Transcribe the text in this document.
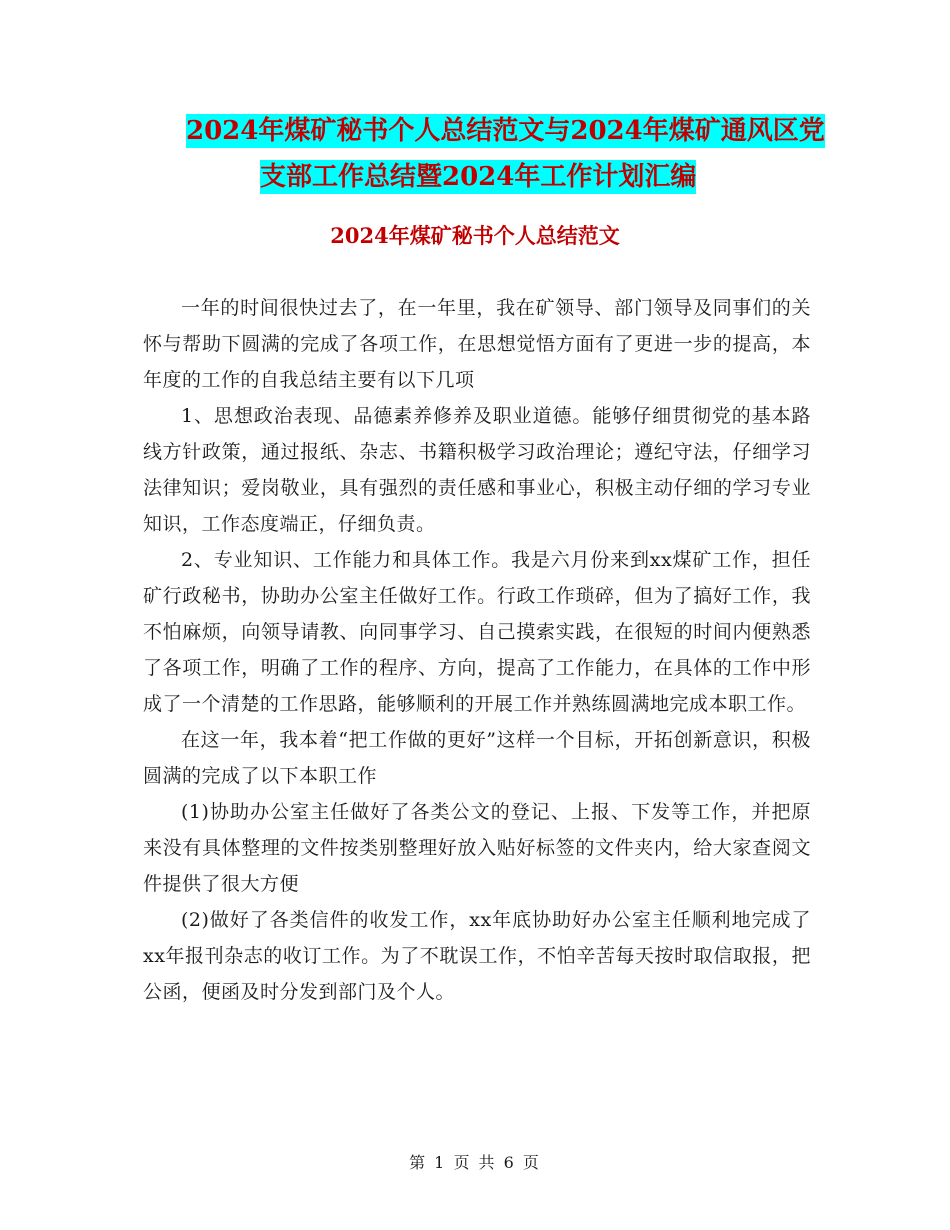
2024年煤矿秘书个人总结范文与2024年煤矿通风区党
支部工作总结暨2024年工作计划汇编
2024年煤矿秘书个人总结范文

一年的时间很快过去了，在一年里，我在矿领导、部门领导及同事们的关怀与帮助下圆满的完成了各项工作，在思想觉悟方面有了更进一步的提高，本年度的工作的自我总结主要有以下几项

1、思想政治表现、品德素养修养及职业道德。能够仔细贯彻党的基本路线方针政策，通过报纸、杂志、书籍积极学习政治理论；遵纪守法，仔细学习法律知识；爱岗敬业，具有强烈的责任感和事业心，积极主动仔细的学习专业知识，工作态度端正，仔细负责。

2、专业知识、工作能力和具体工作。我是六月份来到xx煤矿工作，担任矿行政秘书，协助办公室主任做好工作。行政工作琐碎，但为了搞好工作，我不怕麻烦，向领导请教、向同事学习、自己摸索实践，在很短的时间内便熟悉了各项工作，明确了工作的程序、方向，提高了工作能力，在具体的工作中形成了一个清楚的工作思路，能够顺利的开展工作并熟练圆满地完成本职工作。

在这一年，我本着“把工作做的更好”这样一个目标，开拓创新意识，积极圆满的完成了以下本职工作

(1)协助办公室主任做好了各类公文的登记、上报、下发等工作，并把原来没有具体整理的文件按类别整理好放入贴好标签的文件夹内，给大家查阅文件提供了很大方便

(2)做好了各类信件的收发工作，xx年底协助好办公室主任顺利地完成了xx年报刊杂志的收订工作。为了不耽误工作，不怕辛苦每天按时取信取报，把公函，便函及时分发到部门及个人。

第 1 页 共 6 页
